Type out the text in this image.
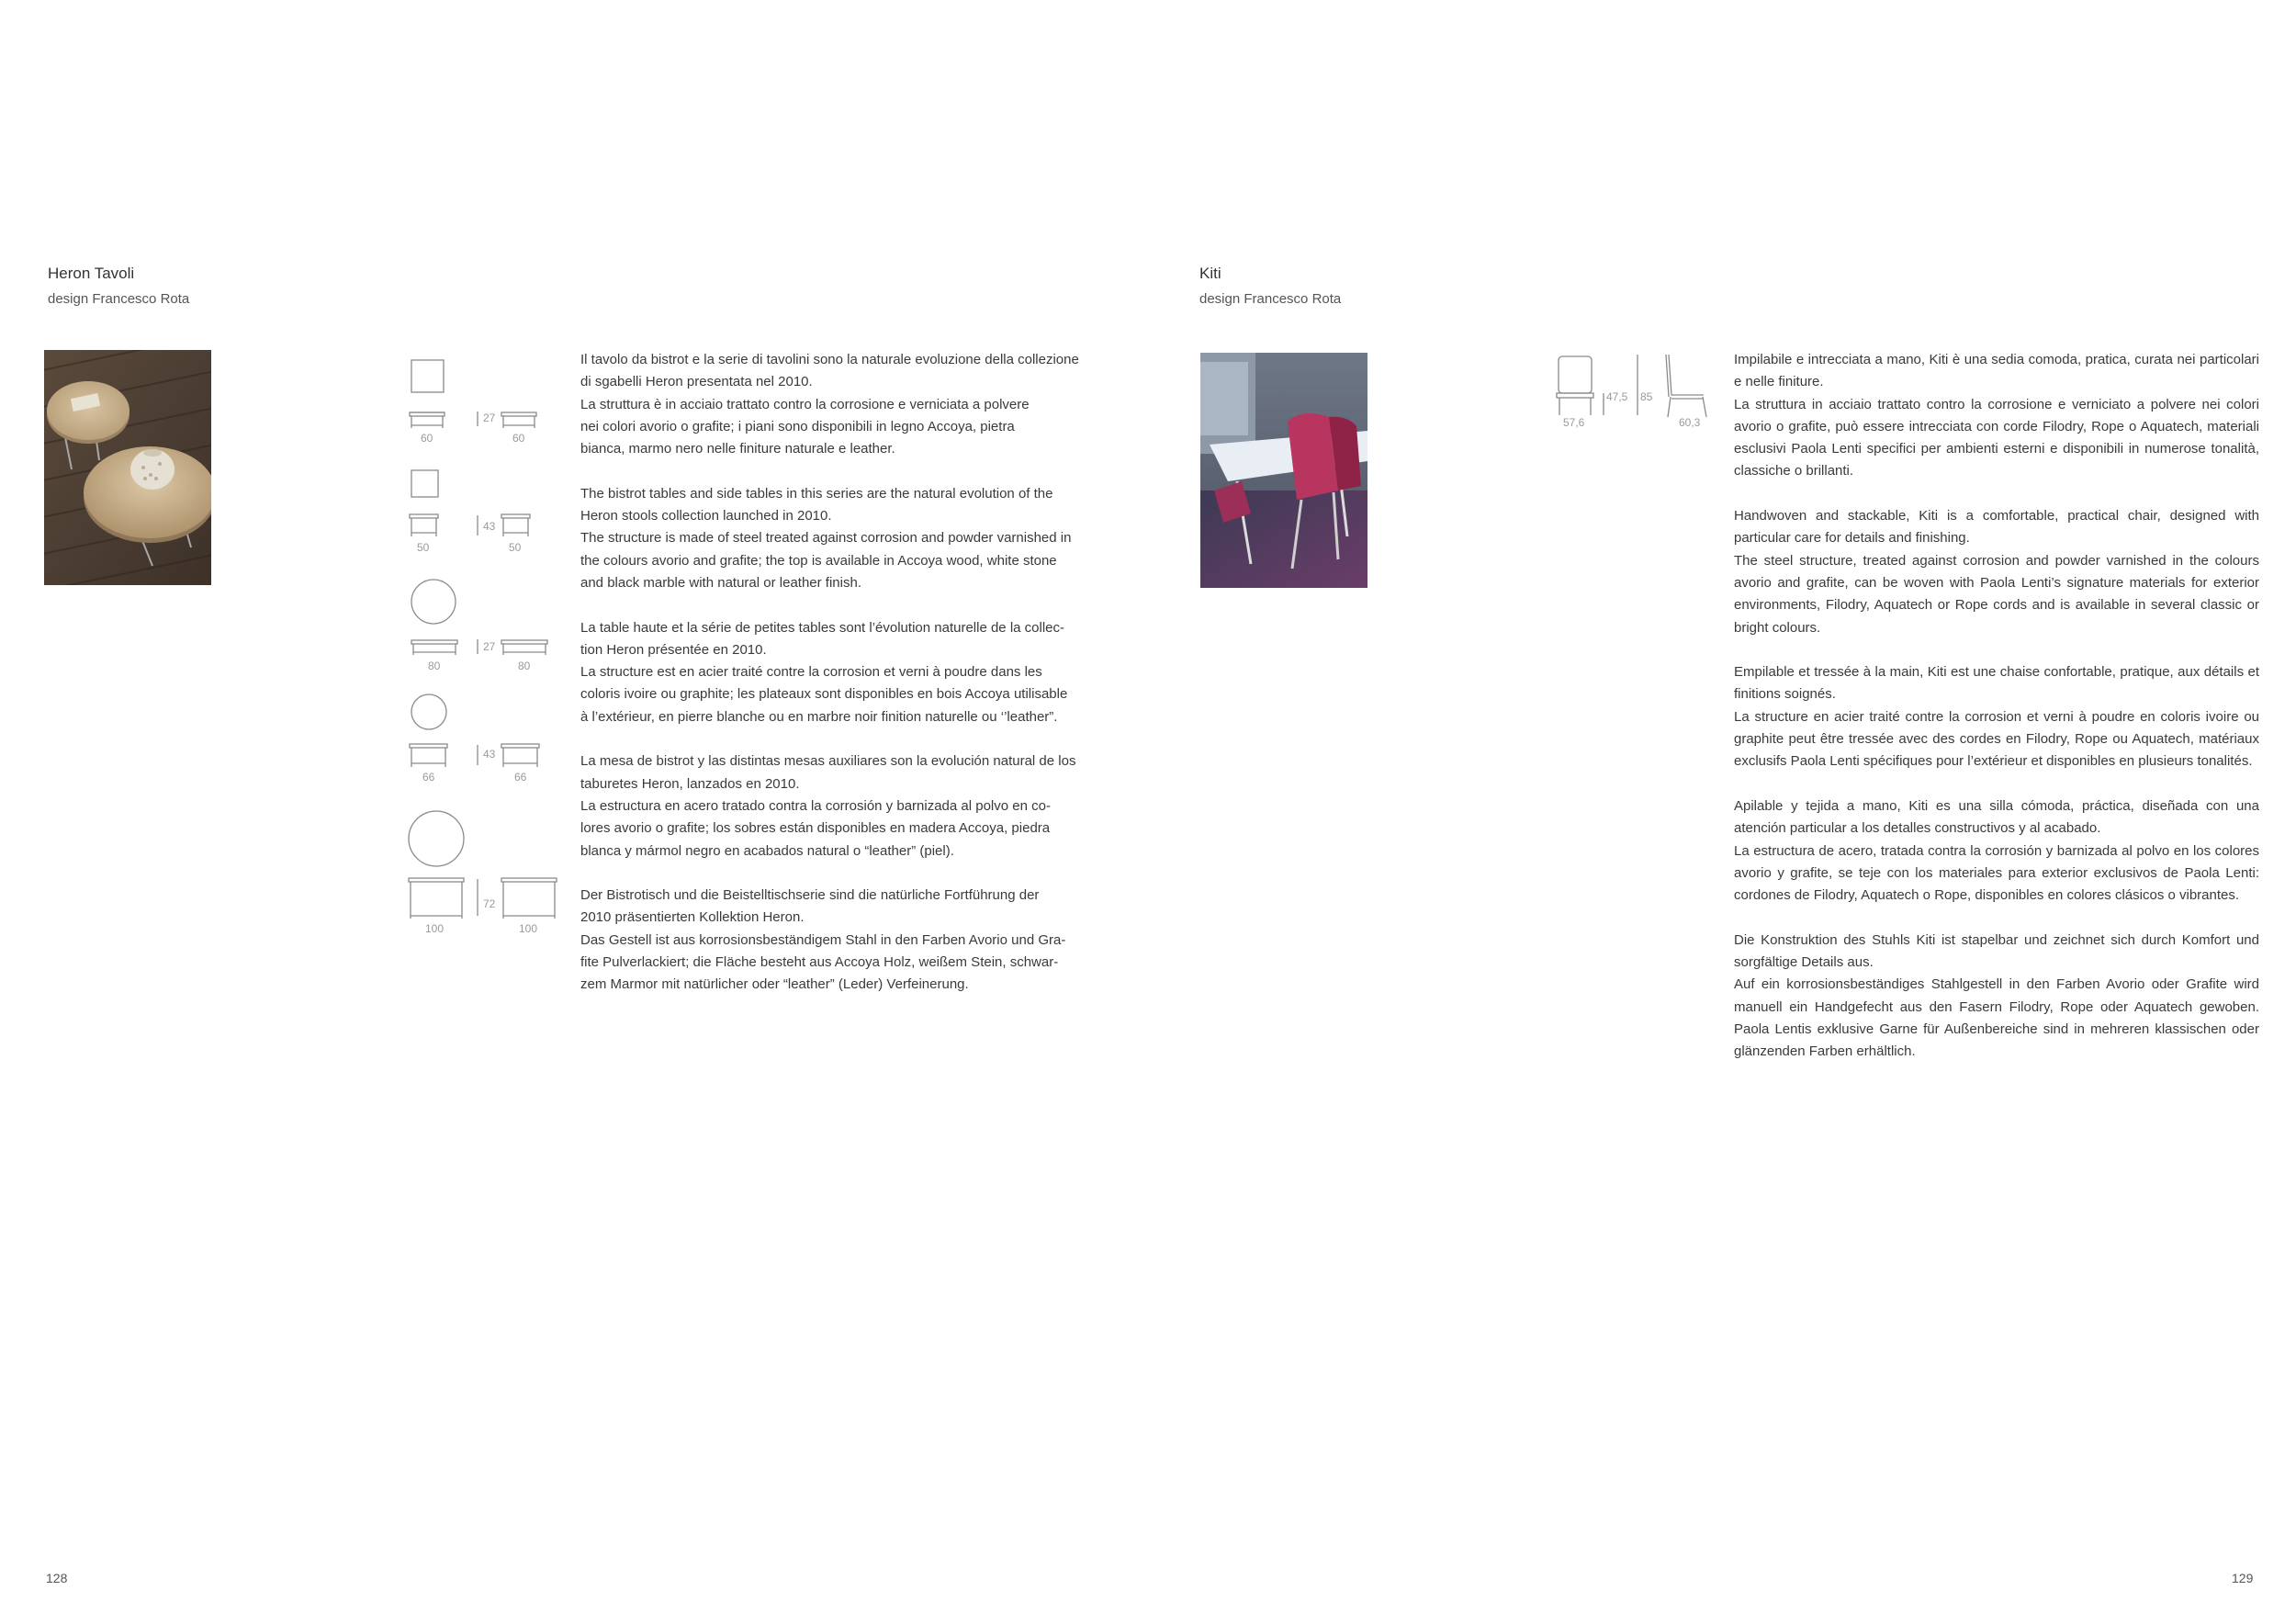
Heron Tavoli
design Francesco Rota
60
27
60
50
43
50
80
27
80
66
43
66
100
72
100

Il tavolo da bistrot e la serie di tavolini sono la naturale evoluzione della collezione
di sgabelli Heron presentata nel 2010.
La struttura è in acciaio trattato contro la corrosione e verniciata a polvere
nei colori avorio o grafite; i piani sono disponibili in legno Accoya, pietra
bianca, marmo nero nelle finiture naturale e leather.

The bistrot tables and side tables in this series are the natural evolution of the
Heron stools collection launched in 2010.
The structure is made of steel treated against corrosion and powder varnished in
the colours avorio and grafite; the top is available in Accoya wood, white stone
and black marble with natural or leather finish.

La table haute et la série de petites tables sont l’évolution naturelle de la collec-
tion Heron présentée en 2010.
La structure est en acier traité contre la corrosion et verni à poudre dans les
coloris ivoire ou graphite; les plateaux sont disponibles en bois Accoya utilisable
à l’extérieur, en pierre blanche ou en marbre noir finition naturelle ou ‘’leather”.

La mesa de bistrot y las distintas mesas auxiliares son la evolución natural de los
taburetes Heron, lanzados en 2010.
La estructura en acero tratado contra la corrosión y barnizada al polvo en co-
lores avorio o grafite; los sobres están disponibles en madera Accoya, piedra
blanca y mármol negro en acabados natural o “leather” (piel).

Der Bistrotisch und die Beistelltischserie sind die natürliche Fortführung der
2010 präsentierten Kollektion Heron.
Das Gestell ist aus korrosionsbeständigem Stahl in den Farben Avorio und Gra-
fite Pulverlackiert; die Fläche besteht aus Accoya Holz, weißem Stein, schwar-
zem Marmor mit natürlicher oder “leather” (Leder) Verfeinerung.

128
Kiti
design Francesco Rota
57,6
47,5 85
60,3

Impilabile e intrecciata a mano, Kiti è una sedia comoda, pratica, curata nei particolari e nelle finiture.
La struttura in acciaio trattato contro la corrosione e verniciato a polvere nei colori avorio o grafite, può essere intrecciata con corde Filodry, Rope o Aquatech, materiali esclusivi Paola Lenti specifici per ambienti esterni e disponibili in numerose tonalità, classiche o brillanti.

Handwoven and stackable, Kiti is a comfortable, practical chair, designed with particular care for details and finishing.
The steel structure, treated against corrosion and powder varnished in the colours avorio and grafite, can be woven with Paola Lenti’s signature materials for exterior environments, Filodry, Aquatech or Rope cords and is available in several classic or bright colours.

Empilable et tressée à la main, Kiti est une chaise confortable, pratique, aux détails et finitions soignés.
La structure en acier traité contre la corrosion et verni à poudre en coloris ivoire ou graphite peut être tressée avec des cordes en Filodry, Rope ou Aquatech, matériaux exclusifs Paola Lenti spécifiques pour l’extérieur et disponibles en plusieurs tonalités.

Apilable y tejida a mano, Kiti es una silla cómoda, práctica, diseñada con una atención particular a los detalles constructivos y al acabado.
La estructura de acero, tratada contra la corrosión y barnizada al polvo en los colores avorio y grafite, se teje con los materiales para exterior exclusivos de Paola Lenti: cordones de Filodry, Aquatech o Rope, disponibles en colores clásicos o vibrantes.

Die Konstruktion des Stuhls Kiti ist stapelbar und zeichnet sich durch Komfort und sorgfältige Details aus.
Auf ein korrosionsbeständiges Stahlgestell in den Farben Avorio oder Grafite wird manuell ein Handgefecht aus den Fasern Filodry, Rope oder Aquatech gewoben. Paola Lentis exklusive Garne für Außenbereiche sind in mehreren klassischen oder glänzenden Farben erhältlich.

129
